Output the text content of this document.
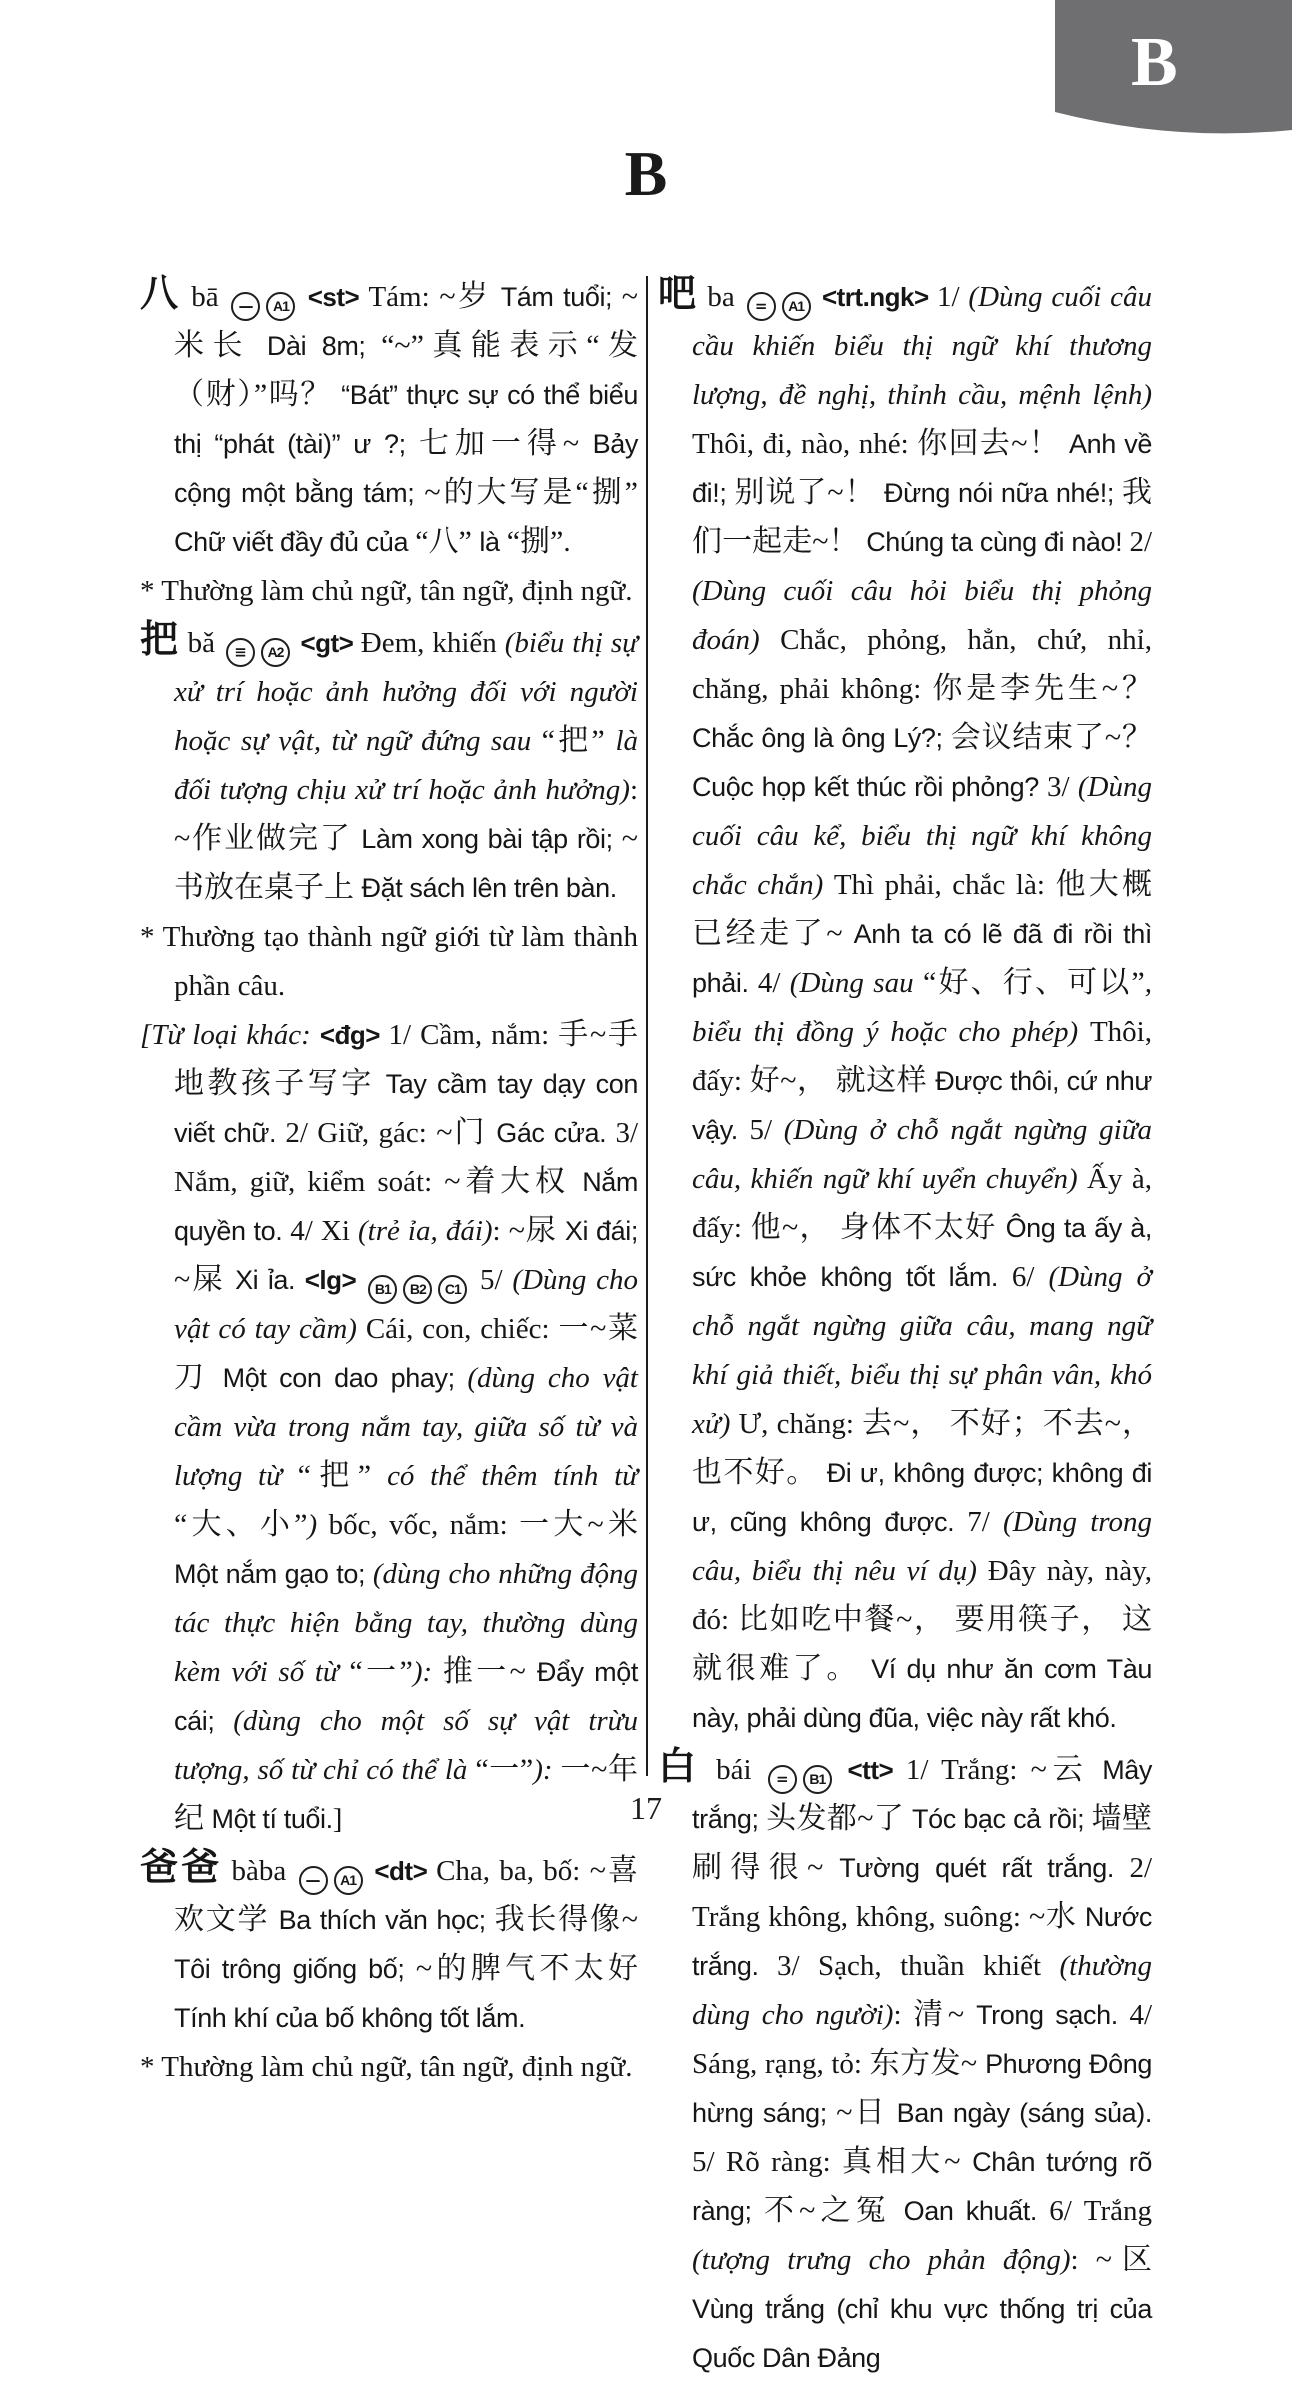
B
B

八 bā — A1 <st> Tám: ~岁 Tám tuổi; ~米长 Dài 8m; “~”真能表示“发（财）”吗？ “Bát” thực sự có thể biểu thị “phát (tài)” ư ?; 七加一得~ Bảy cộng một bằng tám; ~的大写是“捌” Chữ viết đầy đủ của “八” là “捌”.

* Thường làm chủ ngữ, tân ngữ, định ngữ.

把 bǎ ≡ A2 <gt> Đem, khiến (biểu thị sự xử trí hoặc ảnh hưởng đối với người hoặc sự vật, từ ngữ đứng sau “把” là đối tượng chịu xử trí hoặc ảnh hưởng): ~作业做完了 Làm xong bài tập rồi; ~书放在桌子上 Đặt sách lên trên bàn.

* Thường tạo thành ngữ giới từ làm thành phần câu.

[Từ loại khác: <đg> 1/ Cầm, nắm: 手~手地教孩子写字 Tay cầm tay dạy con viết chữ. 2/ Giữ, gác: ~门 Gác cửa. 3/ Nắm, giữ, kiểm soát: ~着大权 Nắm quyền to. 4/ Xi (trẻ ỉa, đái): ~尿 Xi đái; ~屎 Xi ỉa. <lg> B1 B2 C1 5/ (Dùng cho vật có tay cầm) Cái, con, chiếc: 一~菜刀 Một con dao phay; (dùng cho vật cầm vừa trong nắm tay, giữa số từ và lượng từ “把” có thể thêm tính từ “大、小”) bốc, vốc, nắm: 一大~米 Một nắm gạo to; (dùng cho những động tác thực hiện bằng tay, thường dùng kèm với số từ “一”): 推一~ Đẩy một cái; (dùng cho một số sự vật trừu tượng, số từ chỉ có thể là “一”): 一~年纪 Một tí tuổi.]

爸爸 bàba — A1 <dt> Cha, ba, bố: ~喜欢文学 Ba thích văn học; 我长得像~ Tôi trông giống bố; ~的脾气不太好 Tính khí của bố không tốt lắm.

* Thường làm chủ ngữ, tân ngữ, định ngữ.

吧 ba = A1 <trt.ngk> 1/ (Dùng cuối câu cầu khiến biểu thị ngữ khí thương lượng, đề nghị, thỉnh cầu, mệnh lệnh) Thôi, đi, nào, nhé: 你回去~！ Anh về đi!; 别说了~！ Đừng nói nữa nhé!; 我们一起走~！ Chúng ta cùng đi nào! 2/ (Dùng cuối câu hỏi biểu thị phỏng đoán) Chắc, phỏng, hẳn, chứ, nhỉ, chăng, phải không: 你是李先生~？ Chắc ông là ông Lý?; 会议结束了~？ Cuộc họp kết thúc rồi phỏng? 3/ (Dùng cuối câu kể, biểu thị ngữ khí không chắc chắn) Thì phải, chắc là: 他大概已经走了~ Anh ta có lẽ đã đi rồi thì phải. 4/ (Dùng sau “好、行、可以”, biểu thị đồng ý hoặc cho phép) Thôi, đấy: 好~， 就这样 Được thôi, cứ như vậy. 5/ (Dùng ở chỗ ngắt ngừng giữa câu, khiến ngữ khí uyển chuyển) Ấy à, đấy: 他~， 身体不太好 Ông ta ấy à, sức khỏe không tốt lắm. 6/ (Dùng ở chỗ ngắt ngừng giữa câu, mang ngữ khí giả thiết, biểu thị sự phân vân, khó xử) Ư, chăng: 去~， 不好；不去~， 也不好。 Đi ư, không được; không đi ư, cũng không được. 7/ (Dùng trong câu, biểu thị nêu ví dụ) Đây này, này, đó: 比如吃中餐~， 要用筷子， 这就很难了。 Ví dụ như ăn cơm Tàu này, phải dùng đũa, việc này rất khó.

白 bái = B1 <tt> 1/ Trắng: ~云 Mây trắng; 头发都~了 Tóc bạc cả rồi; 墙壁刷得很~ Tường quét rất trắng. 2/ Trắng không, không, suông: ~水 Nước trắng. 3/ Sạch, thuần khiết (thường dùng cho người): 清~ Trong sạch. 4/ Sáng, rạng, tỏ: 东方发~ Phương Đông hừng sáng; ~日 Ban ngày (sáng sủa). 5/ Rõ ràng: 真相大~ Chân tướng rõ ràng; 不~之冤 Oan khuất. 6/ Trắng (tượng trưng cho phản động): ~区 Vùng trắng (chỉ khu vực thống trị của Quốc Dân Đảng

17
